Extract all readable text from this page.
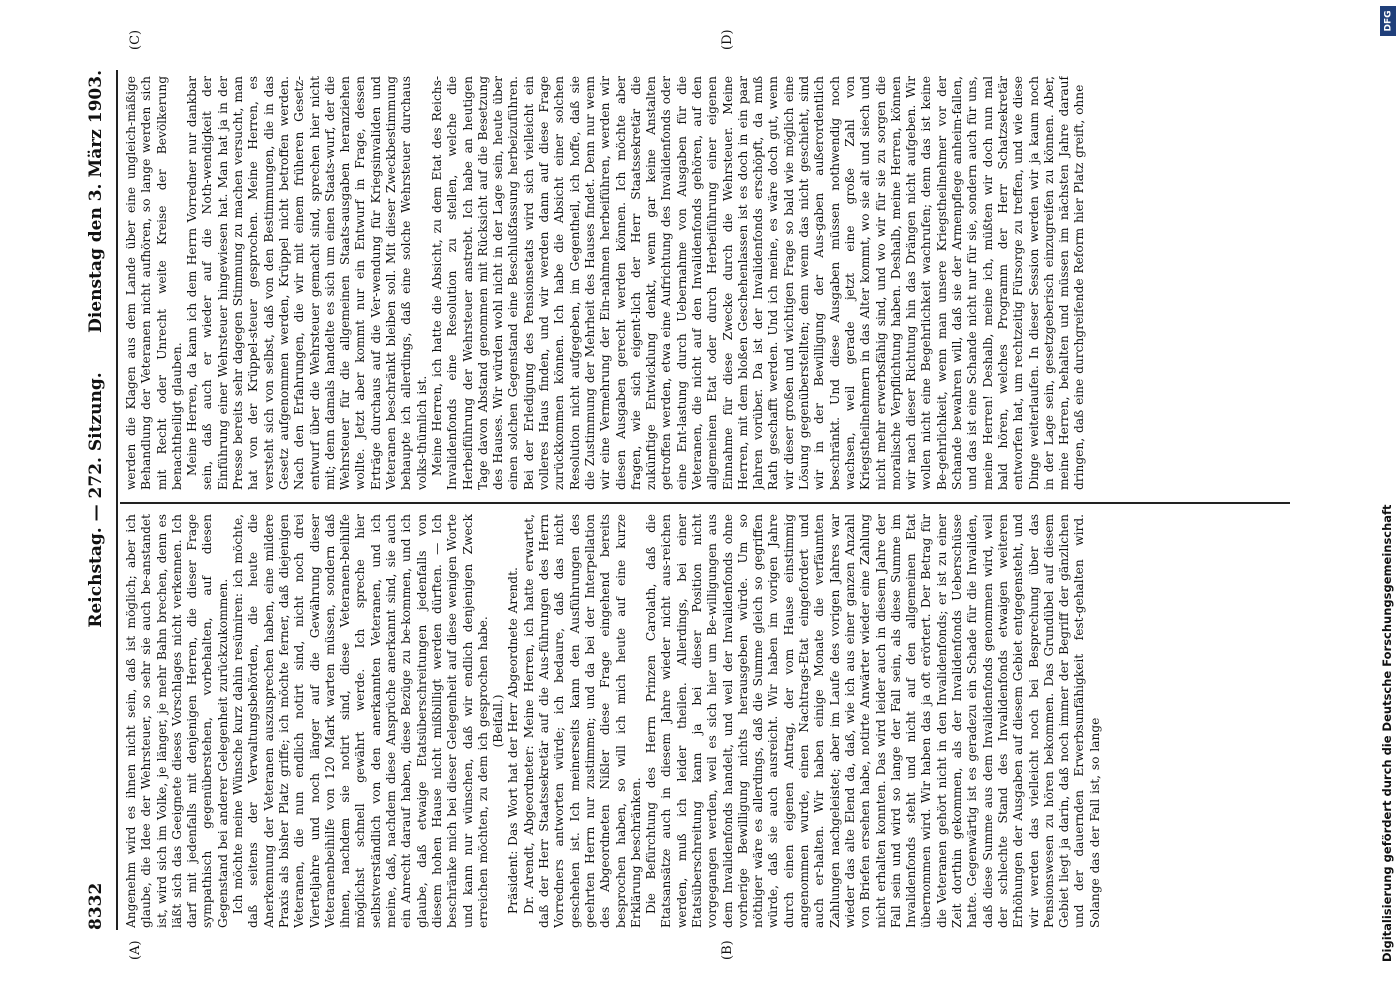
8332
Reichstag. — 272. Sitzung.
Dienstag den 3. März 1903.
(A)	(B)
(C)	(D)

Angenehm wird es ihnen nicht sein, daß ist möglich; aber ich glaube, die Idee der Wehrsteuer, so sehr sie auch be-anstandet ist, wird sich im Volke, je länger, je mehr Bahn brechen, denn es läßt sich das Geeignete dieses Vorschlages nicht verkennen. Ich darf mit jedenfalls mit denjenigen Herren, die dieser Frage sympathisch gegenüberstehen, vorbehalten, auf diesen Gegenstand bei anderer Gelegenheit zurückzukommen. Ich möchte meine Wünsche kurz dahin resümiren: ich möchte, daß seitens der Verwaltungsbehörden, die heute die Anerkennung der Veteranen auszusprechen haben, eine mildere Praxis als bisher Platz griffe; ich möchte ferner, daß diejenigen Veteranen, die nun endlich notirt sind, nicht noch drei Vierteljahre und noch länger auf die Gewährung dieser Veteranenbeihilfe von 120 Mark warten müssen, sondern daß ihnen, nachdem sie notirt sind, diese Veteranen-beihilfe möglichst schnell gewährt werde. Ich spreche hier selbstverständlich von den anerkannten Veteranen, und ich meine, daß, nachdem diese Ansprüche anerkannt sind, sie auch ein Anrecht darauf haben, diese Bezüge zu be-kommen, und ich glaube, daß etwaige Etatsüberschreitungen jedenfalls von diesem hohen Hause nicht mißbilligt werden dürften. — Ich beschränke mich bei dieser Gelegenheit auf diese wenigen Worte und kann nur wünschen, daß wir endlich denjenigen Zweck erreichen möchten, zu dem ich gesprochen habe. (Beifall.) Präsident: Das Wort hat der Herr Abgeordnete Arendt. Dr. Arendt, Abgeordneter: Meine Herren, ich hatte erwartet, daß der Herr Staatssekretär auf die Aus-führungen des Herrn Vorredners antworten würde; ich bedaure, daß das nicht geschehen ist. Ich meinerseits kann den Ausführungen des geehrten Herrn nur zustimmen; und da bei der Interpellation des Abgeordneten Nißler diese Frage eingehend bereits besprochen haben, so will ich mich heute auf eine kurze Erklärung beschränken. Die Befürchtung des Herrn Prinzen Carolath, daß die Etatsansätze auch in diesem Jahre wieder nicht aus-reichen werden, muß ich leider theilen. Allerdings, bei einer Etatsüberschreitung kann ja bei dieser Position nicht vorgegangen werden, weil es sich hier um Be-willigungen aus dem Invalidenfonds handelt, und weil der Invalidenfonds ohne vorherige Bewilligung nichts herausgeben würde. Um so nöthiger wäre es allerdings, daß die Summe gleich so gegriffen würde, daß sie auch ausreicht. Wir haben im vorigen Jahre durch einen eigenen Antrag, der vom Hause einstimmig angenommen wurde, einen Nachtrags-Etat eingefordert und auch er-halten. Wir haben einige Monate die verfäumten Zahlungen nachgeleistet; aber im Laufe des vorigen Jahres war wieder das alte Elend da, daß, wie ich aus einer ganzen Anzahl von Briefen ersehen habe, notirte Anwärter wieder eine Zahlung nicht erhalten konnten. Das wird leider auch in diesem Jahre der Fall sein und wird so lange der Fall sein, als diese Summe im Invalidenfonds steht und nicht auf den allgemeinen Etat übernommen wird. Wir haben das ja oft erörtert. Der Betrag für die Veteranen gehört nicht in den Invalidenfonds; er ist zu einer Zeit dorthin gekommen, als der Invalidenfonds Ueberschüsse hatte. Gegenwärtig ist es geradezu ein Schade für die Invaliden, daß diese Summe aus dem Invalidenfonds genommen wird, weil der schlechte Stand des Invalidenfonds etwaigen weiteren Erhöhungen der Ausgaben auf diesem Gebiet entgegensteht, und wir werden das vielleicht noch bei Besprechung über das Pensionswesen zu hören bekommen. Das Grundübel auf diesem Gebiet liegt ja darin, daß noch immer der Begriff der gänzlichen und der dauernden Erwerbsunfähigkeit fest-gehalten wird. Solange das der Fall ist, so lange

werden die Klagen aus dem Lande über eine ungleich-mäßige Behandlung der Veteranen nicht aufhören, so lange werden sich mit Recht oder Unrecht weite Kreise der Bevölkerung benachtheiligt glauben. Meine Herren, da kann ich dem Herrn Vorredner nur dankbar sein, daß auch er wieder auf die Noth-wendigkeit der Einführung einer Wehrsteuer hingewiesen hat. Man hat ja in der Presse bereits sehr dagegen Stimmung zu machen versucht, man hat von der Krüppel-steuer gesprochen. Meine Herren, es versteht sich von selbst, daß von den Bestimmungen, die in das Gesetz aufgenommen werden, Krüppel nicht betroffen werden. Nach den Erfahrungen, die wir mit einem früheren Gesetz-entwurf über die Wehrsteuer gemacht sind, sprechen hier nicht mit; denn damals handelte es sich um einen Staats-wurf, der die Wehrsteuer für die allgemeinen Staats-ausgaben heranziehen wollte. Jetzt aber kommt nur ein Entwurf in Frage, dessen Erträge durchaus auf die Ver-wendung für Kriegsinvaliden und Veteranen beschränkt bleiben soll. Mit dieser Zweckbestimmung behaupte ich allerdings, daß eine solche Wehrsteuer durchaus volks-thümlich ist. Meine Herren, ich hatte die Absicht, zu dem Etat des Reichs-Invalidenfonds eine Resolution zu stellen, welche die Herbeiführung der Wehrsteuer anstrebt. Ich habe an heutigen Tage davon Abstand genommen mit Rücksicht auf die Besetzung des Hauses. Wir würden wohl nicht in der Lage sein, heute über einen solchen Gegenstand eine Beschlußfassung herbeizuführen. Bei der Erledigung des Pensionsetats wird sich vielleicht ein volleres Haus finden, und wir werden dann auf diese Frage zurückkommen können. Ich habe die Absicht einer solchen Resolution nicht aufgegeben, im Gegentheil, ich hoffe, daß sie die Zustimmung der Mehrheit des Hauses findet. Denn nur wenn wir eine Vermehrung der Ein-nahmen herbeiführen, werden wir diesen Ausgaben gerecht werden können. Ich möchte aber fragen, wie sich eigent-lich der Herr Staatssekretär die zukünftige Entwicklung denkt, wenn gar keine Anstalten getroffen werden, etwa eine Aufrichtung des Invalidenfonds oder eine Ent-lastung durch Uebernahme von Ausgaben für die Veteranen, die nicht auf den Invalidenfonds gehören, auf den allgemeinen Etat oder durch Herbeiführung einer eigenen Einnahme für diese Zwecke durch die Wehrsteuer. Meine Herren, mit dem bloßen Geschehenlassen ist es doch in ein paar Jahren vorüber. Da ist der Invalidenfonds erschöpft, da muß Rath geschafft werden. Und ich meine, es wäre doch gut, wenn wir dieser großen und wichtigen Frage so bald wie möglich eine Lösung gegenüberstellten; denn wenn das nicht geschieht, sind wir in der Bewilligung der Aus-gaben außerordentlich beschränkt. Und diese Ausgaben müssen nothwendig noch wachsen, weil gerade jetzt eine große Zahl von Kriegstheilnehmern in das Alter kommt, wo sie alt und siech und nicht mehr erwerbsfähig sind, und wo wir für sie zu sorgen die moralische Verpflichtung haben. Deshalb, meine Herren, können wir nach dieser Richtung hin das Drängen nicht aufgeben. Wir wollen nicht eine Begehrlichkeit wachrufen; denn das ist keine Be-gehrlichkeit, wenn man unsere Kriegstheilnehmer vor der Schande bewahren will, daß sie der Armenpflege anheim-fallen, und das ist eine Schande nicht nur für sie, sondern auch für uns, meine Herren! Deshalb, meine ich, müßten wir doch nun mal bald hören, welches Programm der Herr Schatzsekretär entworfen hat, um rechtzeitig Fürsorge zu treffen, und wie diese Dinge weiterlaufen. In dieser Session werden wir ja kaum noch in der Lage sein, gesetzgeberisch einzugreifen zu können. Aber, meine Herren, behalten und müssen im nächsten Jahre darauf dringen, daß eine durchgreifende Reform hier Platz greift, ohne

Digitalisierung gefördert durch die Deutsche Forschungsgemeinschaft
DFG
